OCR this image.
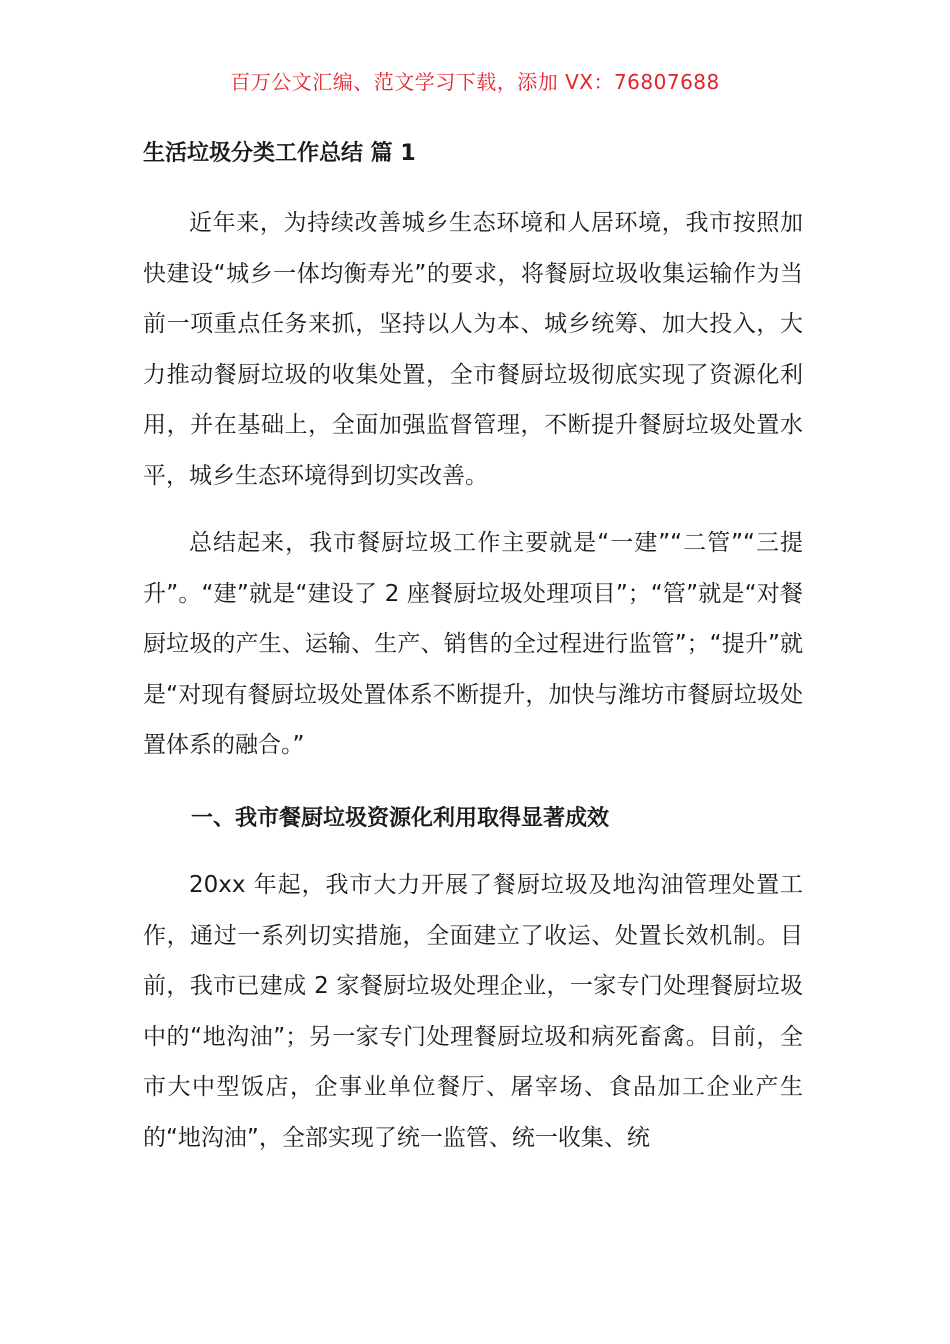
百万公文汇编、范文学习下载，添加 VX：76807688
生活垃圾分类工作总结 篇 1

近年来，为持续改善城乡生态环境和人居环境，我市按照加快建设“城乡一体均衡寿光”的要求，将餐厨垃圾收集运输作为当前一项重点任务来抓，坚持以人为本、城乡统筹、加大投入，大力推动餐厨垃圾的收集处置，全市餐厨垃圾彻底实现了资源化利用，并在基础上，全面加强监督管理，不断提升餐厨垃圾处置水平，城乡生态环境得到切实改善。

总结起来，我市餐厨垃圾工作主要就是“一建”“二管”“三提升”。“建”就是“建设了 2 座餐厨垃圾处理项目”；“管”就是“对餐厨垃圾的产生、运输、生产、销售的全过程进行监管”；“提升”就是“对现有餐厨垃圾处置体系不断提升，加快与潍坊市餐厨垃圾处置体系的融合。”

一、我市餐厨垃圾资源化利用取得显著成效

20xx 年起，我市大力开展了餐厨垃圾及地沟油管理处置工作，通过一系列切实措施，全面建立了收运、处置长效机制。目前，我市已建成 2 家餐厨垃圾处理企业，一家专门处理餐厨垃圾中的“地沟油”；另一家专门处理餐厨垃圾和病死畜禽。目前，全市大中型饭店，企事业单位餐厅、屠宰场、食品加工企业产生的“地沟油”，全部实现了统一监管、统一收集、统
